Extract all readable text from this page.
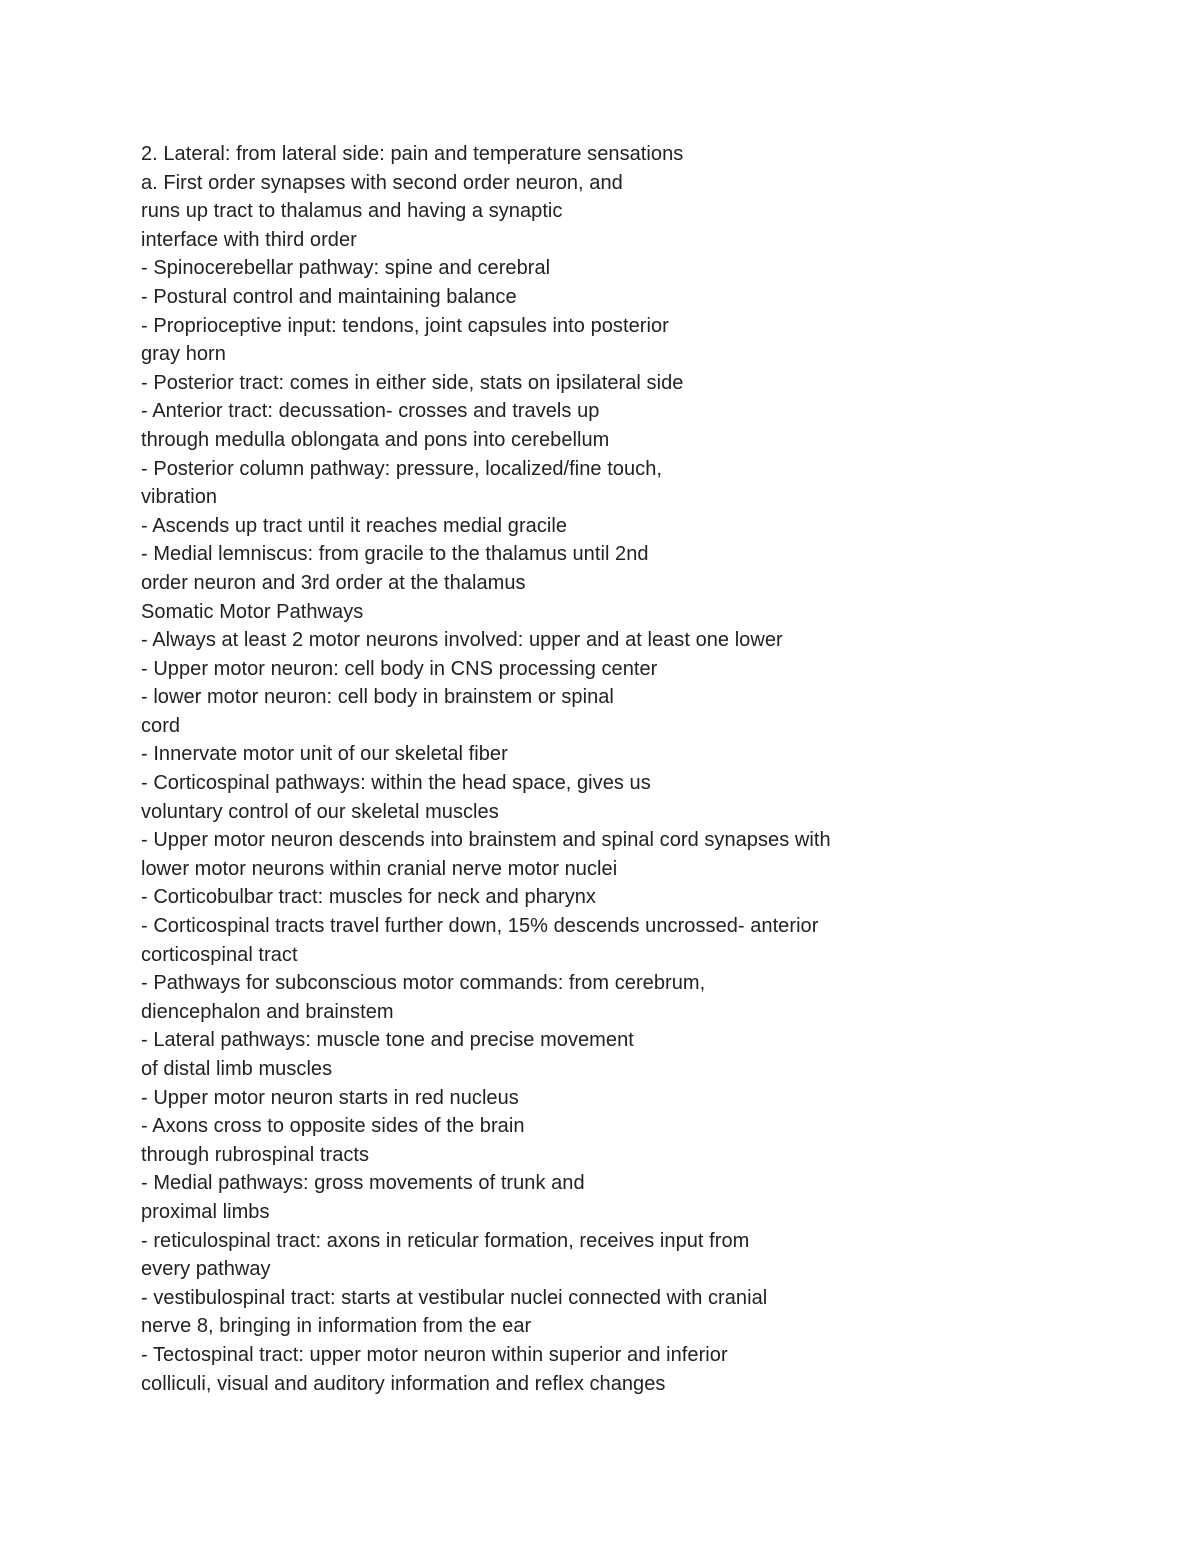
2. Lateral: from lateral side: pain and temperature sensations
a. First order synapses with second order neuron, and
runs up tract to thalamus and having a synaptic
interface with third order
- Spinocerebellar pathway: spine and cerebral
- Postural control and maintaining balance
- Proprioceptive input: tendons, joint capsules into posterior
gray horn
- Posterior tract: comes in either side, stats on ipsilateral side
- Anterior tract: decussation- crosses and travels up
through medulla oblongata and pons into cerebellum
- Posterior column pathway: pressure, localized/fine touch,
vibration
- Ascends up tract until it reaches medial gracile
- Medial lemniscus: from gracile to the thalamus until 2nd
order neuron and 3rd order at the thalamus
Somatic Motor Pathways
- Always at least 2 motor neurons involved: upper and at least one lower
- Upper motor neuron: cell body in CNS processing center
- lower motor neuron: cell body in brainstem or spinal
cord
- Innervate motor unit of our skeletal fiber
- Corticospinal pathways: within the head space, gives us
voluntary control of our skeletal muscles
- Upper motor neuron descends into brainstem and spinal cord synapses with
lower motor neurons within cranial nerve motor nuclei
- Corticobulbar tract: muscles for neck and pharynx
- Corticospinal tracts travel further down, 15% descends uncrossed- anterior
corticospinal tract
- Pathways for subconscious motor commands: from cerebrum,
diencephalon and brainstem
- Lateral pathways: muscle tone and precise movement
of distal limb muscles
- Upper motor neuron starts in red nucleus
- Axons cross to opposite sides of the brain
through rubrospinal tracts
- Medial pathways: gross movements of trunk and
proximal limbs
- reticulospinal tract: axons in reticular formation, receives input from
every pathway
- vestibulospinal tract: starts at vestibular nuclei connected with cranial
nerve 8, bringing in information from the ear
- Tectospinal tract: upper motor neuron within superior and inferior
colliculi, visual and auditory information and reflex changes
